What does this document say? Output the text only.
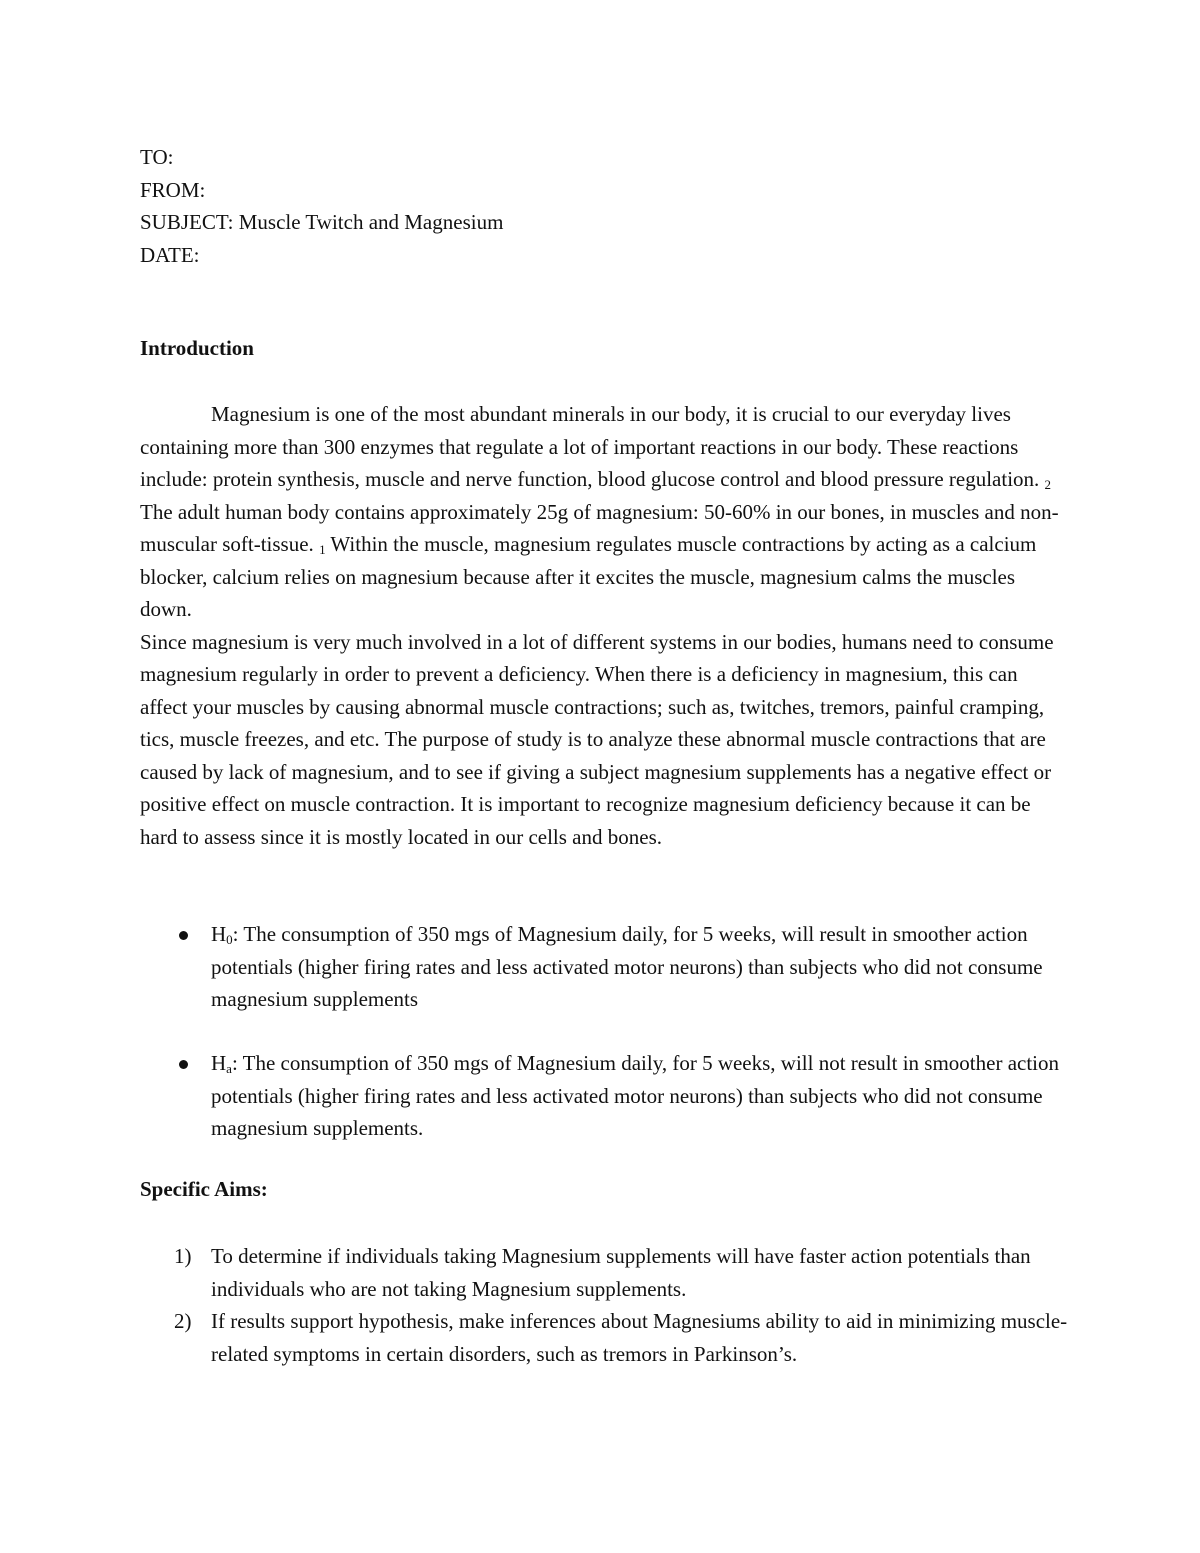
TO:
FROM:
SUBJECT: Muscle Twitch and Magnesium
DATE:
Introduction

Magnesium is one of the most abundant minerals in our body, it is crucial to our everyday lives containing more than 300 enzymes that regulate a lot of important reactions in our body. These reactions include: protein synthesis, muscle and nerve function, blood glucose control and blood pressure regulation. $_2$ The adult human body contains approximately 25g of magnesium: 50-60% in our bones, in muscles and non-muscular soft-tissue. $_1$ Within the muscle, magnesium regulates muscle contractions by acting as a calcium blocker, calcium relies on magnesium because after it excites the muscle, magnesium calms the muscles down.

Since magnesium is very much involved in a lot of different systems in our bodies, humans need to consume magnesium regularly in order to prevent a deficiency. When there is a deficiency in magnesium, this can affect your muscles by causing abnormal muscle contractions; such as, twitches, tremors, painful cramping, tics, muscle freezes, and etc. The purpose of study is to analyze these abnormal muscle contractions that are caused by lack of magnesium, and to see if giving a subject magnesium supplements has a negative effect or positive effect on muscle contraction. It is important to recognize magnesium deficiency because it can be hard to assess since it is mostly located in our cells and bones.

$H_0$: The consumption of 350 mgs of Magnesium daily, for 5 weeks, will result in smoother action potentials (higher firing rates and less activated motor neurons) than subjects who did not consume magnesium supplements
$H_a$: The consumption of 350 mgs of Magnesium daily, for 5 weeks, will not result in smoother action potentials (higher firing rates and less activated motor neurons) than subjects who did not consume magnesium supplements.
Specific Aims:
1) To determine if individuals taking Magnesium supplements will have faster action potentials than individuals who are not taking Magnesium supplements.
2) If results support hypothesis, make inferences about Magnesiums ability to aid in minimizing muscle-related symptoms in certain disorders, such as tremors in Parkinson’s.
